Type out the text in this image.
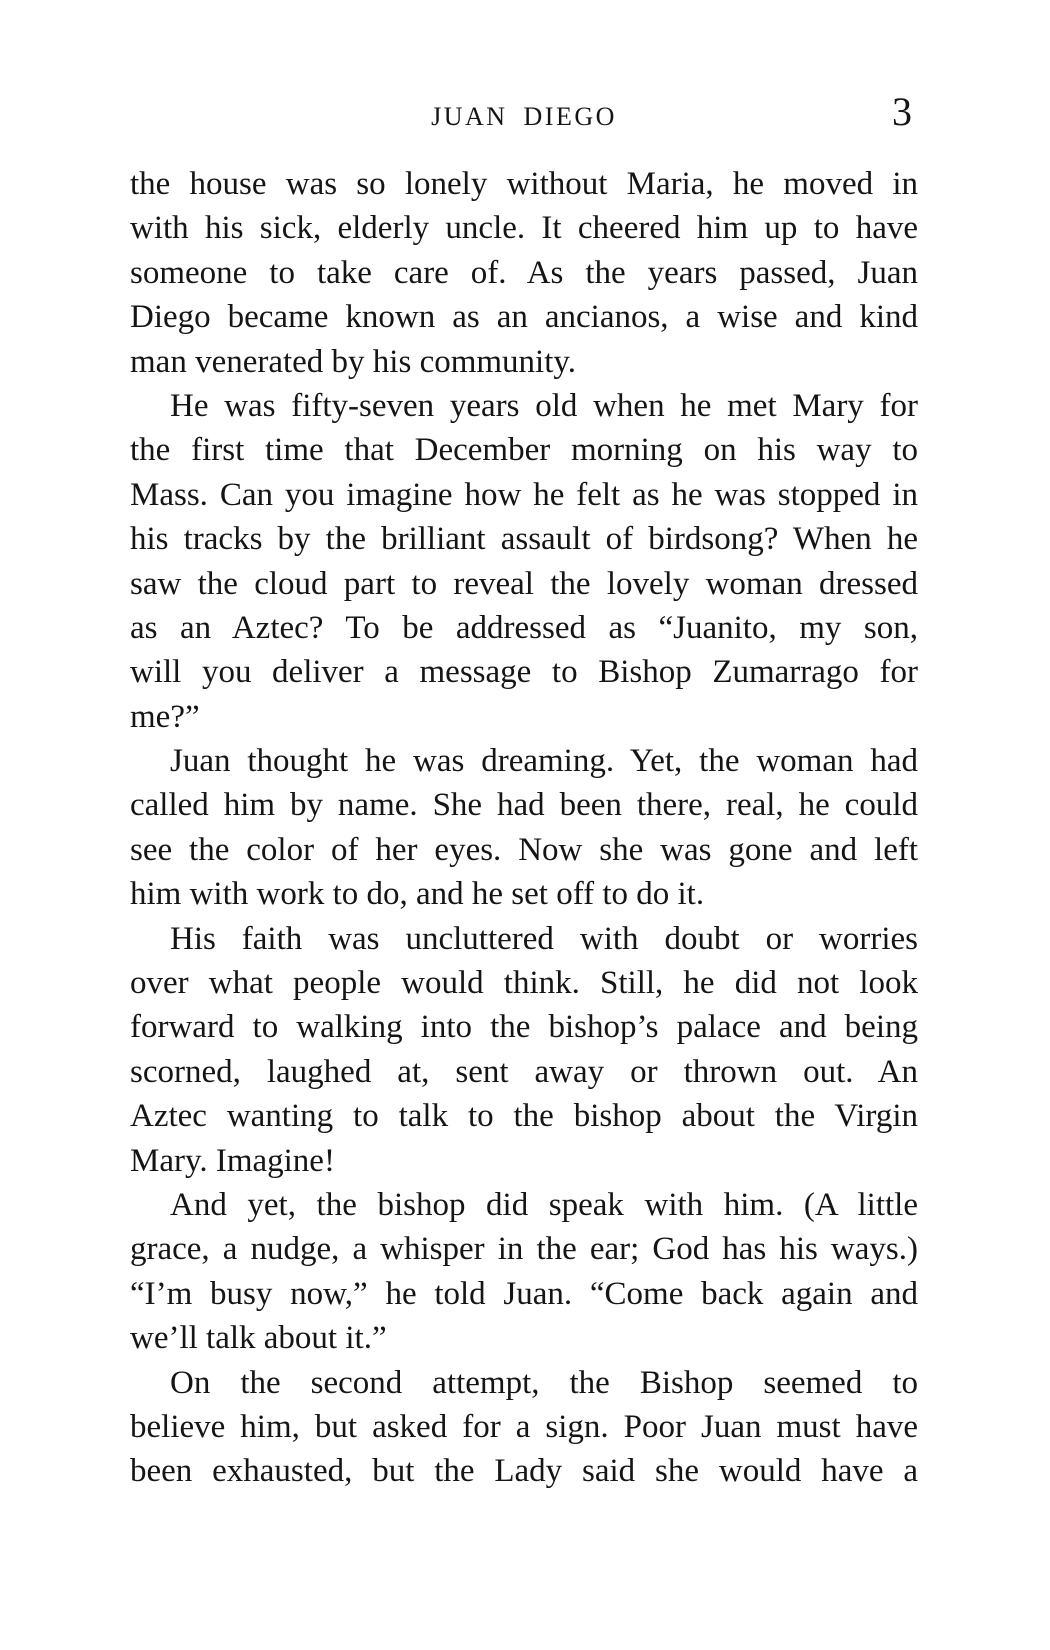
JUAN DIEGO	3
the house was so lonely without Maria, he moved in
with his sick, elderly uncle. It cheered him up to have
someone to take care of. As the years passed, Juan
Diego became known as an ancianos, a wise and kind
man venerated by his community.
He was fifty-seven years old when he met Mary for
the first time that December morning on his way to
Mass. Can you imagine how he felt as he was stopped in
his tracks by the brilliant assault of birdsong? When he
saw the cloud part to reveal the lovely woman dressed
as an Aztec? To be addressed as “Juanito, my son,
will you deliver a message to Bishop Zumarrago for
me?”
Juan thought he was dreaming. Yet, the woman had
called him by name. She had been there, real, he could
see the color of her eyes. Now she was gone and left
him with work to do, and he set off to do it.
His faith was uncluttered with doubt or worries
over what people would think. Still, he did not look
forward to walking into the bishop’s palace and being
scorned, laughed at, sent away or thrown out. An
Aztec wanting to talk to the bishop about the Virgin
Mary. Imagine!
And yet, the bishop did speak with him. (A little
grace, a nudge, a whisper in the ear; God has his ways.)
“I’m busy now,” he told Juan. “Come back again and
we’ll talk about it.”
On the second attempt, the Bishop seemed to
believe him, but asked for a sign. Poor Juan must have
been exhausted, but the Lady said she would have a
